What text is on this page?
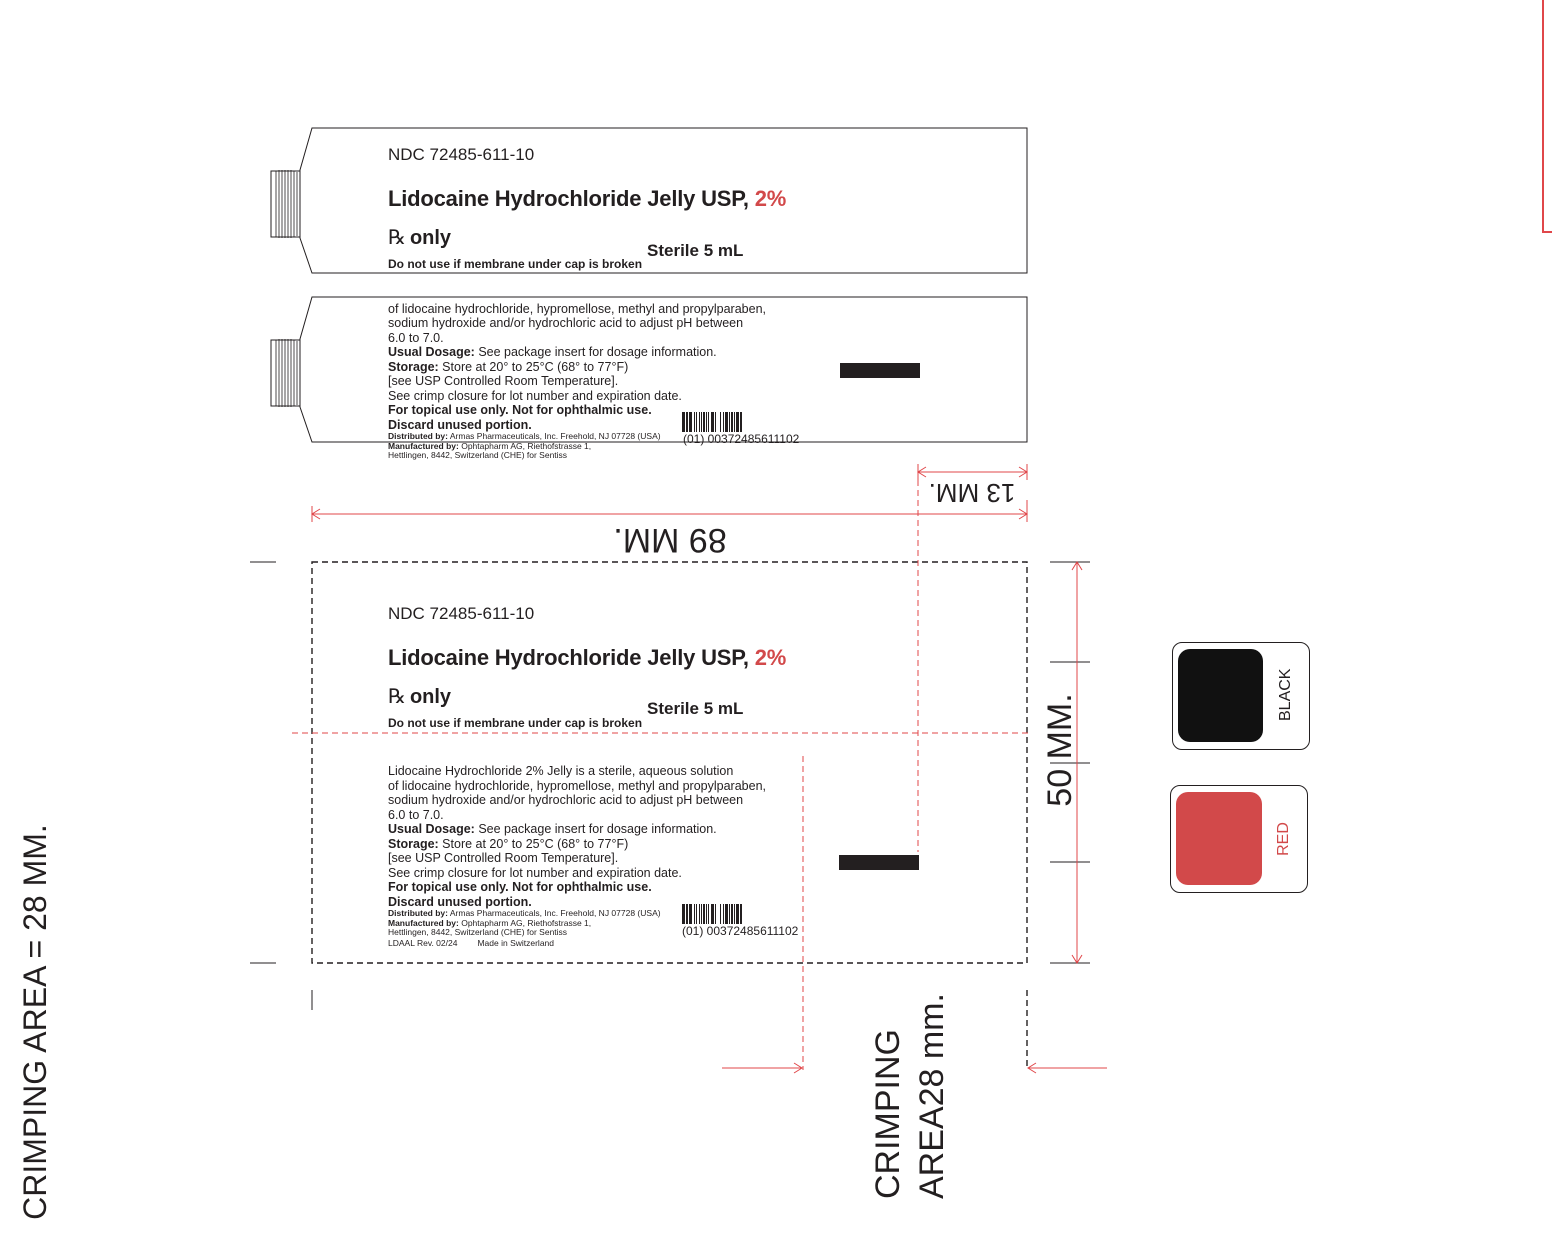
NDC 72485-611-10
Lidocaine Hydrochloride Jelly USP, 2%
℞ only
Do not use if membrane under cap is broken
Sterile 5 mL
of lidocaine hydrochloride, hypromellose, methyl and propylparaben,
sodium hydroxide and/or hydrochloric acid to adjust pH between
6.0 to 7.0.
Usual Dosage: See package insert for dosage information.
Storage: Store at 20° to 25°C (68° to 77°F)
[see USP Controlled Room Temperature].
See crimp closure for lot number and expiration date.
For topical use only. Not for ophthalmic use.
Discard unused portion.
Distributed by: Armas Pharmaceuticals, Inc. Freehold, NJ 07728 (USA)
Manufactured by: Ophtapharm AG, Riethofstrasse 1,
Hettlingen, 8442, Switzerland (CHE) for Sentiss
(01) 00372485611102
NDC 72485-611-10
Lidocaine Hydrochloride Jelly USP, 2%
℞ only
Do not use if membrane under cap is broken
Sterile 5 mL
Lidocaine Hydrochloride 2% Jelly is a sterile, aqueous solution
of lidocaine hydrochloride, hypromellose, methyl and propylparaben,
sodium hydroxide and/or hydrochloric acid to adjust pH between
6.0 to 7.0.
Usual Dosage: See package insert for dosage information.
Storage: Store at 20° to 25°C (68° to 77°F)
[see USP Controlled Room Temperature].
See crimp closure for lot number and expiration date.
For topical use only. Not for ophthalmic use.
Discard unused portion.
Distributed by: Armas Pharmaceuticals, Inc. Freehold, NJ 07728 (USA)
Manufactured by: Ophtapharm AG, Riethofstrasse 1,
Hettlingen, 8442, Switzerland (CHE) for Sentiss
LDAAL Rev. 02/24 Made in Switzerland
(01) 00372485611102
13 MM.
89 MM.
50 MM.
CRIMPING AREA = 28 MM.	CRIMPING AREA28 mm.
BLACK
RED
